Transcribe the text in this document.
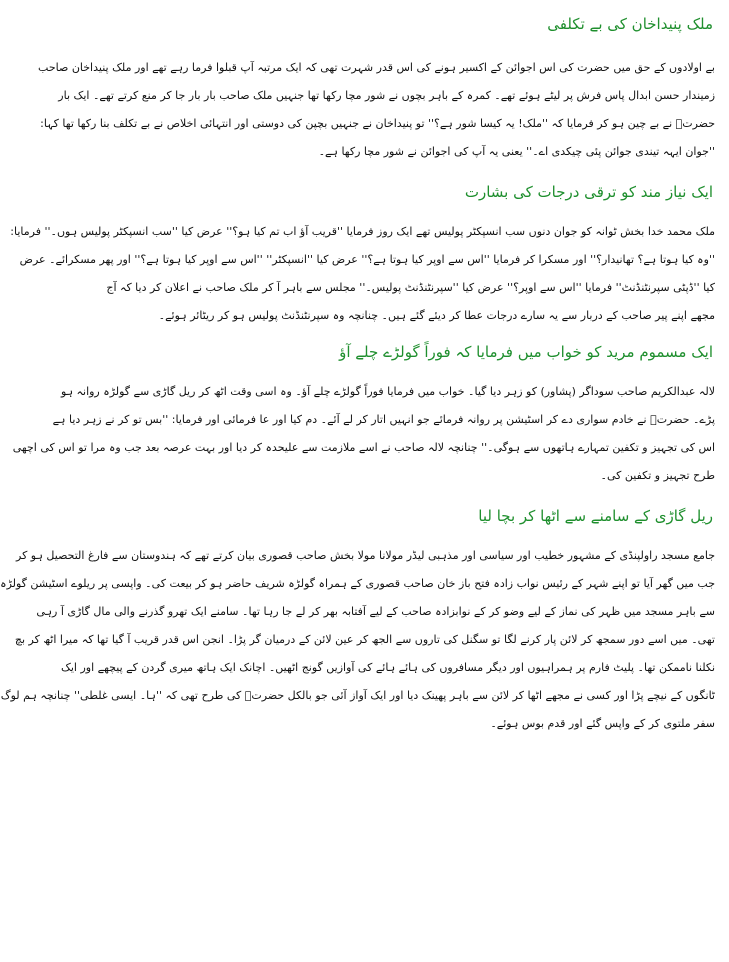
ملک پنیداخان کی بے تکلفی
بے اولادوں کے حق میں حضرت کی اس اجوائن کے اکسیر ہونے کی اس قدر شہرت تھی کہ ایک مرتبہ آپ قبلوا فرما رہے تھے اور ملک پنیداخان صاحب
زمیندار حسن ابدال پاس فرش پر لیٹے ہوئے تھے۔ کمرہ کے باہر بچوں نے شور مچا رکھا تھا جنہیں ملک صاحب بار بار جا کر منع کرتے تھے۔ ایک بار
حضرتؒ نے بے چین ہو کر فرمایا کہ ''ملک! یہ کیسا شور ہے؟'' تو پنیداخان نے جنہیں بچپن کی دوستی اور انتہائی اخلاص نے بے تکلف بنا رکھا تھا کہا:
''جوان ایہہ تیندی جوائن پئی چیکدی اے۔'' یعنی یہ آپ کی اجوائن نے شور مچا رکھا ہے۔
ایک نیاز مند کو ترقی درجات کی بشارت
ملک محمد خدا بخش ٹوانہ کو جوان دنوں سب انسپکٹر پولیس تھے ایک روز فرمایا ''قریب آؤ اب تم کیا ہو؟'' عرض کیا ''سب انسپکٹر پولیس ہوں۔'' فرمایا:
''وہ کیا ہوتا ہے؟ تھانیدار؟'' اور مسکرا کر فرمایا ''اس سے اوپر کیا ہوتا ہے؟'' عرض کیا ''انسپکٹر'' ''اس سے اوپر کیا ہوتا ہے؟'' اور پھر مسکرائے۔ عرض
کیا ''ڈپٹی سپرنٹنڈنٹ'' فرمایا ''اس سے اوپر؟'' عرض کیا ''سپرنٹنڈنٹ پولیس۔'' مجلس سے باہر آ کر ملک صاحب نے اعلان کر دیا کہ آج
مجھے اپنے پیر صاحب کے دربار سے یہ سارے درجات عطا کر دیئے گئے ہیں۔ چنانچہ وہ سپرنٹنڈنٹ پولیس ہو کر ریٹائر ہوئے۔
ایک مسموم مرید کو خواب میں فرمایا کہ فوراً گولڑے چلے آؤ
لالہ عبدالکریم صاحب سوداگر (پشاور) کو زہر دیا گیا۔ خواب میں فرمایا فوراً گولڑے چلے آؤ۔ وہ اسی وقت اٹھ کر ریل گاڑی سے گولڑہ روانہ ہو
پڑے۔ حضرتؒ نے خادم سواری دے کر اسٹیشن پر روانہ فرمائے جو انہیں اتار کر لے آئے۔ دم کیا اور عا فرمائی اور فرمایا: ''بس تو کر نے زہر دیا ہے
اس کی تجہیز و تکفین تمہارے ہاتھوں سے ہوگی۔'' چنانچہ لالہ صاحب نے اسے ملازمت سے علیحدہ کر دیا اور بہت عرصہ بعد جب وہ مرا تو اس کی اچھی
طرح تجہیز و تکفین کی۔
ریل گاڑی کے سامنے سے اٹھا کر بچا لیا
جامع مسجد راولپنڈی کے مشہور خطیب اور سیاسی اور مذہبی لیڈر مولانا مولا بخش صاحب قصوری بیان کرتے تھے کہ ہندوستان سے فارغ التحصیل ہو کر
جب میں گھر آیا تو اپنے شہر کے رئیس نواب زادہ فتح باز خان صاحب قصوری کے ہمراہ گولڑہ شریف حاضر ہو کر بیعت کی۔ واپسی پر ریلوے اسٹیشن گولڑہ
سے باہر مسجد میں ظہر کی نماز کے لیے وضو کر کے نوابزادہ صاحب کے لیے آفتابہ بھر کر لے جا رہا تھا۔ سامنے ایک تھرو گذرنے والی مال گاڑی آ رہی
تھی۔ میں اسے دور سمجھ کر لائن پار کرنے لگا تو سگنل کی تاروں سے الجھ کر عین لائن کے درمیان گر پڑا۔ انجن اس قدر قریب آ گیا تھا کہ میرا اٹھ کر بچ
نکلنا ناممکن تھا۔ پلیٹ فارم پر ہمراہیوں اور دیگر مسافروں کی ہائے ہائے کی آوازیں گونج اٹھیں۔ اچانک ایک ہاتھ میری گردن کے پیچھے اور ایک
ٹانگوں کے نیچے پڑا اور کسی نے مجھے اٹھا کر لائن سے باہر پھینک دیا اور ایک آواز آئی جو بالکل حضرتؒ کی طرح تھی کہ ''ہا۔ ایسی غلطی'' چنانچہ ہم لوگ
سفر ملتوی کر کے واپس گئے اور قدم بوس ہوئے۔
